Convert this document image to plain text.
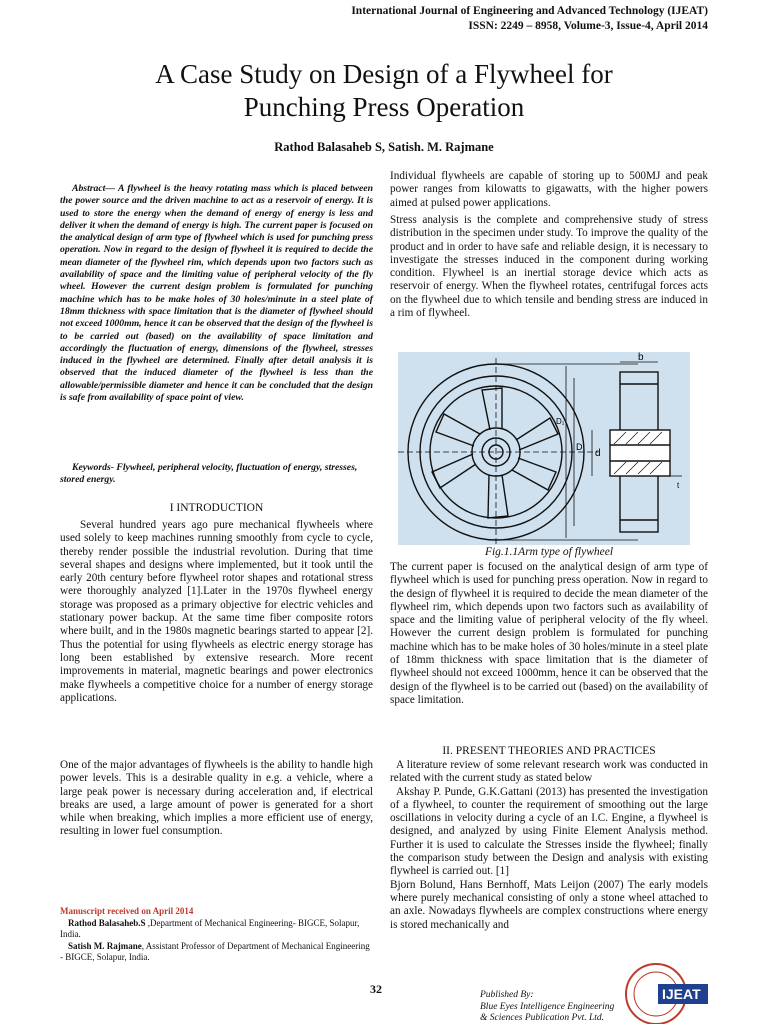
International Journal of Engineering and Advanced Technology (IJEAT)
ISSN: 2249 – 8958, Volume-3, Issue-4, April 2014
A Case Study on Design of a Flywheel for
Punching Press Operation
Rathod Balasaheb S, Satish. M. Rajmane

Abstract— A flywheel is the heavy rotating mass which is placed between the power source and the driven machine to act as a reservoir of energy. It is used to store the energy when the demand of energy of energy is less and deliver it when the demand of energy is high. The current paper is focused on the analytical design of arm type of flywheel which is used for punching press operation. Now in regard to the design of flywheel it is required to decide the mean diameter of the flywheel rim, which depends upon two factors such as availability of space and the limiting value of peripheral velocity of the fly wheel. However the current design problem is formulated for punching machine which has to be make holes of 30 holes/minute in a steel plate of 18mm thickness with space limitation that is the diameter of flywheel should not exceed 1000mm, hence it can be observed that the design of the flywheel is to be carried out (based) on the availability of space limitation and accordingly the fluctuation of energy, dimensions of the flywheel, stresses induced in the flywheel are determined. Finally after detail analysis it is observed that the induced diameter of the flywheel is less than the allowable/permissible diameter and hence it can be concluded that the design is safe from availability of space point of view.

Keywords- Flywheel, peripheral velocity, fluctuation of energy, stresses, stored energy.

I INTRODUCTION

Several hundred years ago pure mechanical flywheels where used solely to keep machines running smoothly from cycle to cycle, thereby render possible the industrial revolution. During that time several shapes and designs where implemented, but it took until the early 20th century before flywheel rotor shapes and rotational stress were thoroughly analyzed [1].Later in the 1970s flywheel energy storage was proposed as a primary objective for electric vehicles and stationary power backup. At the same time fiber composite rotors where built, and in the 1980s magnetic bearings started to appear [2]. Thus the potential for using flywheels as electric energy storage has long been established by extensive research. More recent improvements in material, magnetic bearings and power electronics make flywheels a competitive choice for a number of energy storage applications.

One of the major advantages of flywheels is the ability to handle high power levels. This is a desirable quality in e.g. a vehicle, where a large peak power is necessary during acceleration and, if electrical breaks are used, a large amount of power is generated for a short while when breaking, which implies a more efficient use of energy, resulting in lower fuel consumption.

Manuscript received on April 2014

Rathod Balasaheb.S ,Department of Mechanical Engineering- BIGCE, Solapur, India.

Satish M. Rajmane, Assistant Professor of Department of Mechanical Engineering - BIGCE, Solapur, India.

Individual flywheels are capable of storing up to 500MJ and peak power ranges from kilowatts to gigawatts, with the higher powers aimed at pulsed power applications.

Stress analysis is the complete and comprehensive study of stress distribution in the specimen under study. To improve the quality of the product and in order to have safe and reliable design, it is necessary to investigate the stresses induced in the component during working condition. Flywheel is an inertial storage device which acts as reservoir of energy. When the flywheel rotates, centrifugal forces acts on the flywheel due to which tensile and bending stress are induced in a rim of flywheel.

b
D₁
D
d
t
Fig.1.1Arm type of flywheel

The current paper is focused on the analytical design of arm type of flywheel which is used for punching press operation. Now in regard to the design of flywheel it is required to decide the mean diameter of the flywheel rim, which depends upon two factors such as availability of space and the limiting value of peripheral velocity of the fly wheel. However the current design problem is formulated for punching machine which has to be make holes of 30 holes/minute in a steel plate of 18mm thickness with space limitation that is the diameter of flywheel should not exceed 1000mm, hence it can be observed that the design of the flywheel is to be carried out (based) on the availability of space limitation.

II. PRESENT THEORIES AND PRACTICES

A literature review of some relevant research work was conducted in related with the current study as stated below

Akshay P. Punde, G.K.Gattani (2013) has presented the investigation of a flywheel, to counter the requirement of smoothing out the large oscillations in velocity during a cycle of an I.C. Engine, a flywheel is designed, and analyzed by using Finite Element Analysis method. Further it is used to calculate the Stresses inside the flywheel; finally the comparison study between the Design and analysis with existing flywheel is carried out. [1]

Bjorn Bolund, Hans Bernhoff, Mats Leijon (2007) The early models where purely mechanical consisting of only a stone wheel attached to an axle. Nowadays flywheels are complex constructions where energy is stored mechanically and

32	Published By:
Blue Eyes Intelligence Engineering
& Sciences Publication Pvt. Ltd.
IJEAT
